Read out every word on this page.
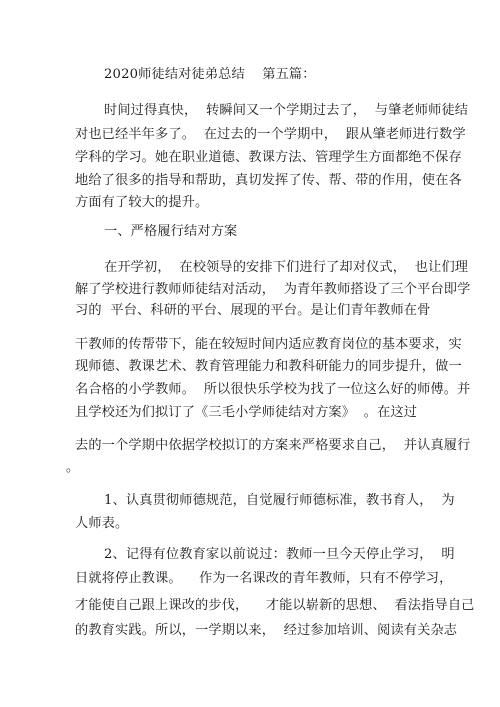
2020师徒结对徒弟总结    第五篇：
时间过得真快，  转瞬间又一个学期过去了，  与肇老师师徒结
对也已经半年多了。  在过去的一个学期中，  跟从肇老师进行数学
学科的学习。她在职业道德、教课方法、管理学生方面都绝不保存
地给了很多的指导和帮助，真切发挥了传、帮、带的作用，使在各
方面有了较大的提升。
一、严格履行结对方案
在开学初，  在校领导的安排下们进行了却对仪式，  也让们理
解了学校进行教师师徒结对活动，  为青年教师搭设了三个平台即学
习的  平台、科研的平台、展现的平台。是让们青年教师在骨
干教师的传帮带下，能在较短时间内适应教育岗位的基本要求，实
现师德、教课艺术、教育管理能力和教科研能力的同步提升，做一
名合格的小学教师。  所以很快乐学校为找了一位这么好的师傅。并
且学校还为们拟订了《三毛小学师徒结对方案》  。在这过
去的一个学期中依据学校拟订的方案来严格要求自己，  并认真履行
。
1、认真贯彻师德规范，自觉履行师德标准，教书育人，  为
人师表。
2、记得有位教育家以前说过：教师一旦今天停止学习，  明
日就将停止教课。    作为一名课改的青年教师，只有不停学习，
才能使自己跟上课改的步伐，    才能以崭新的思想、  看法指导自己
的教育实践。所以，一学期以来，  经过参加培训、阅读有关杂志
